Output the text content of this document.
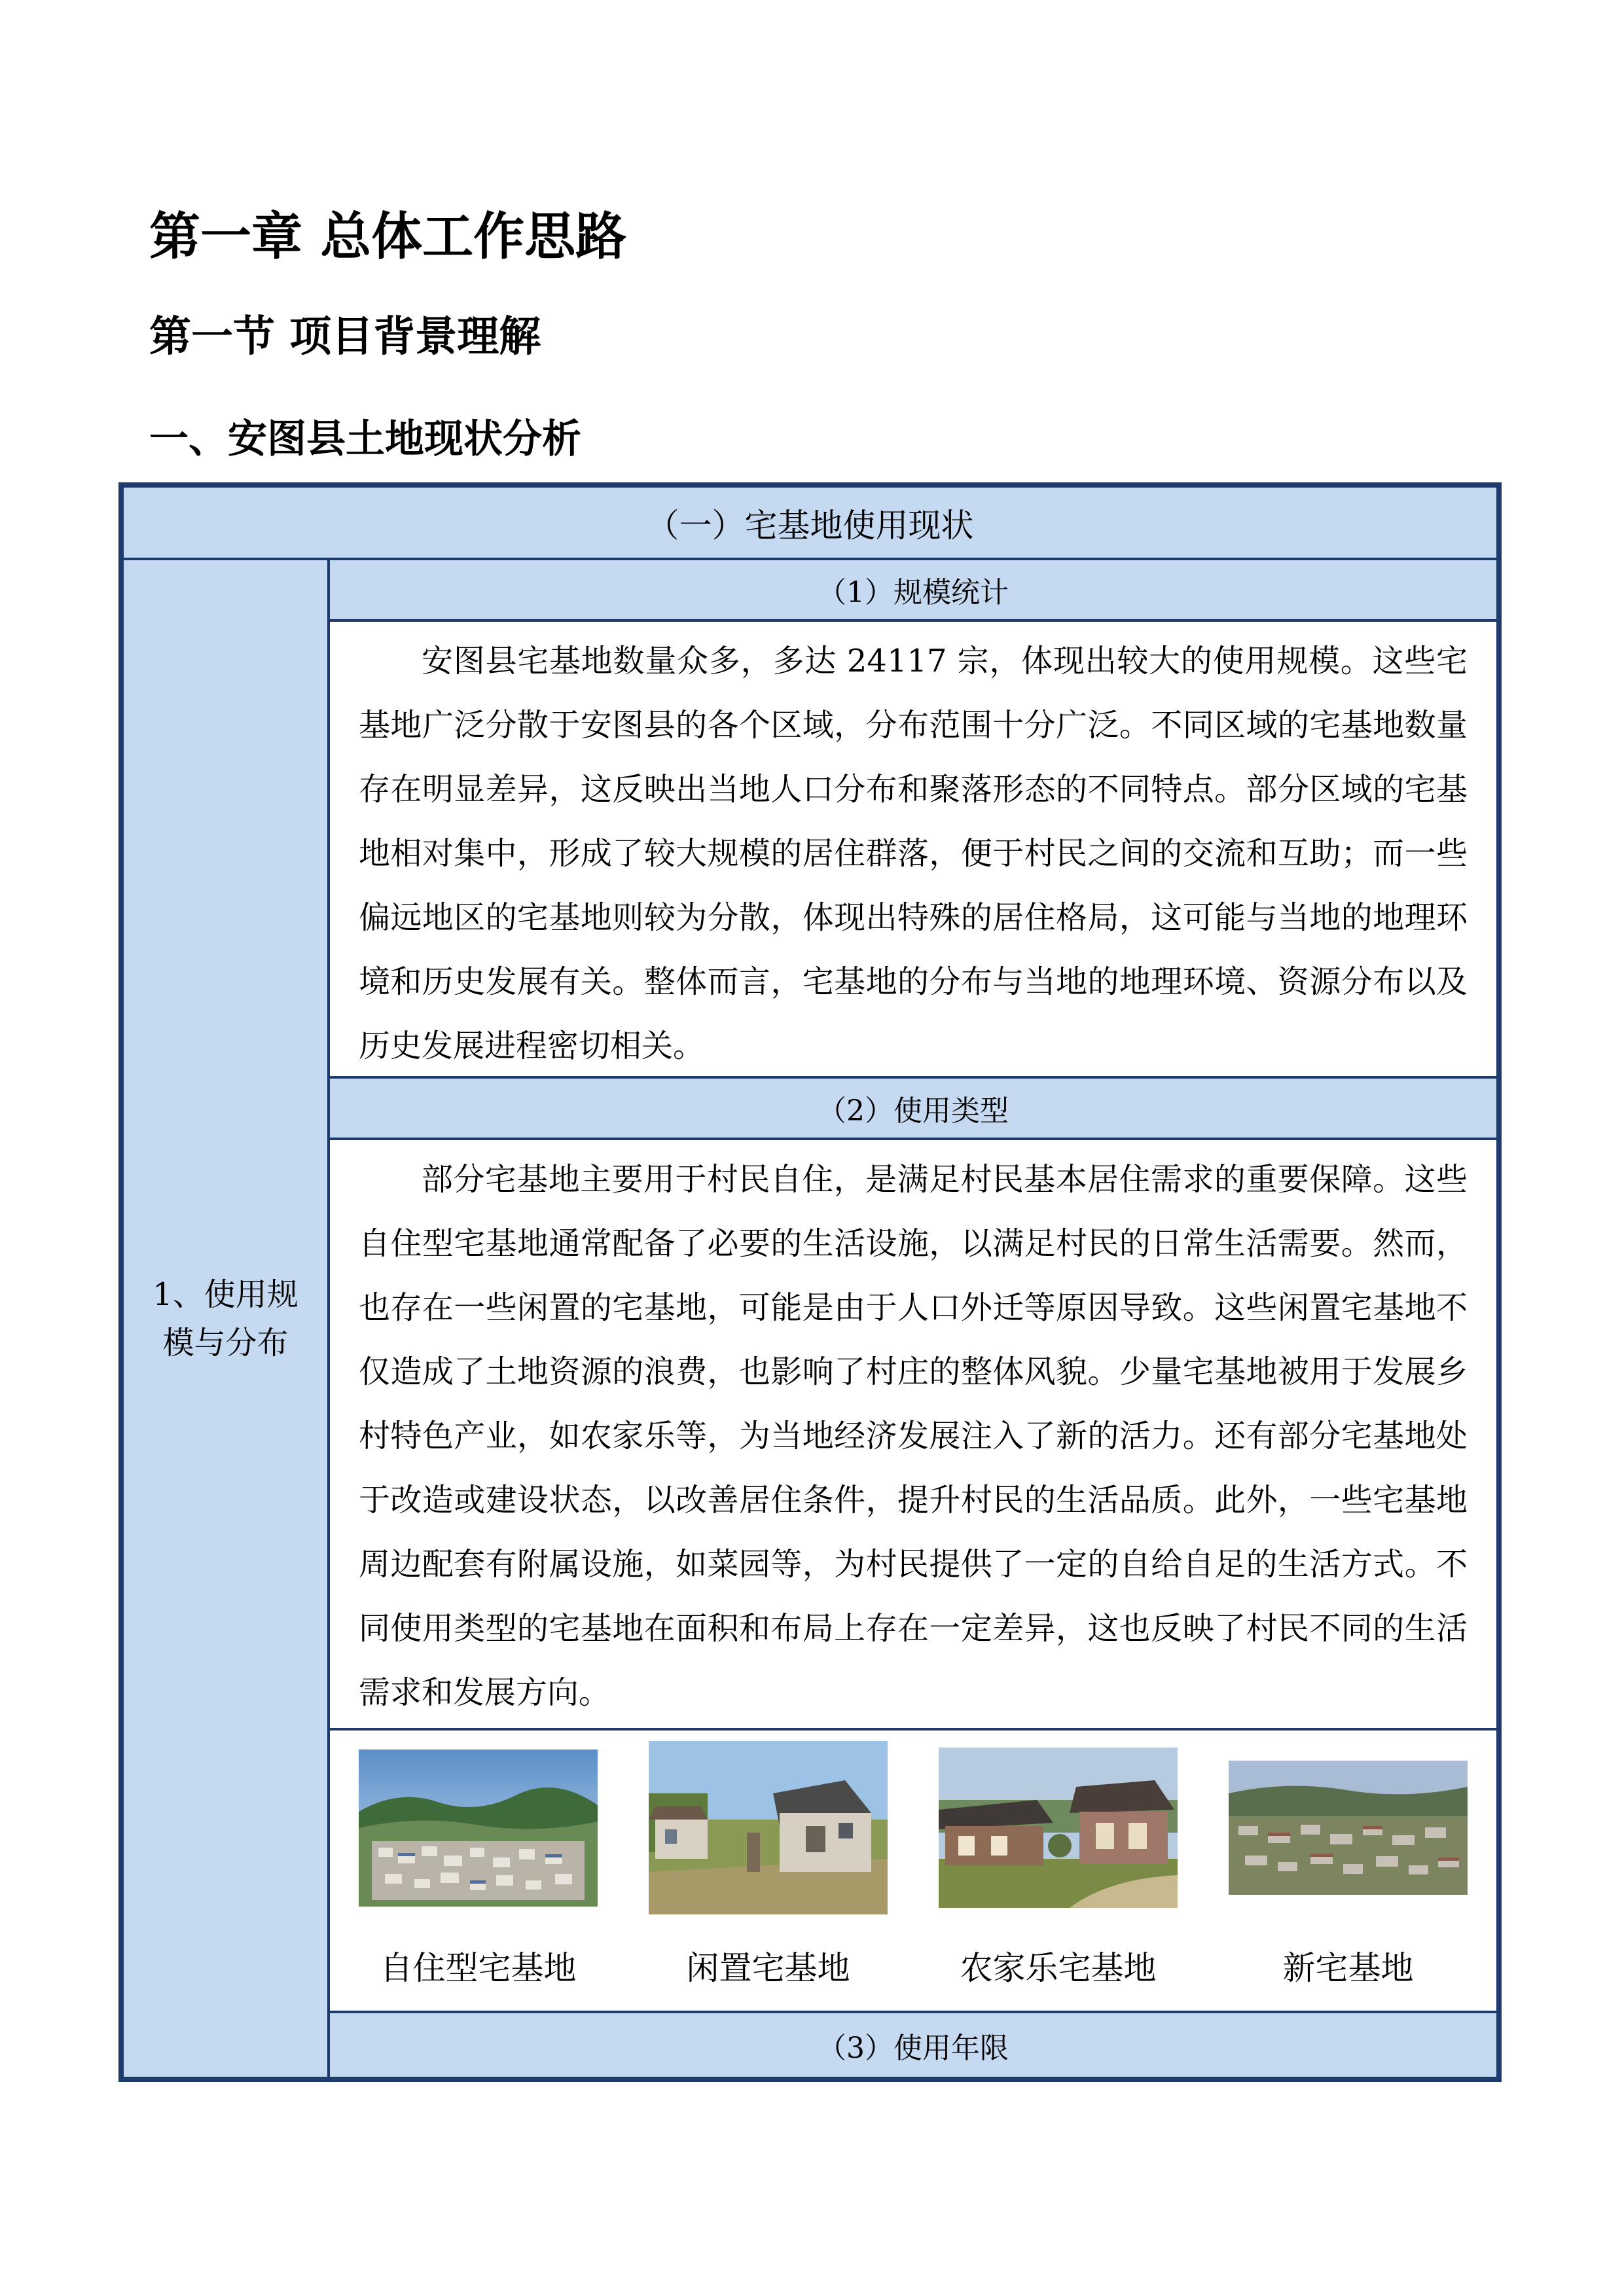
第一章 总体工作思路
第一节 项目背景理解
一、安图县土地现状分析
（一）宅基地使用现状
1、使用规模与分布
（1）规模统计

安图县宅基地数量众多，多达 24117 宗，体现出较大的使用规模。这些宅基地广泛分散于安图县的各个区域，分布范围十分广泛。不同区域的宅基地数量存在明显差异，这反映出当地人口分布和聚落形态的不同特点。部分区域的宅基地相对集中，形成了较大规模的居住群落，便于村民之间的交流和互助；而一些偏远地区的宅基地则较为分散，体现出特殊的居住格局，这可能与当地的地理环境和历史发展有关。整体而言，宅基地的分布与当地的地理环境、资源分布以及历史发展进程密切相关。

（2）使用类型

部分宅基地主要用于村民自住，是满足村民基本居住需求的重要保障。这些自住型宅基地通常配备了必要的生活设施，以满足村民的日常生活需要。然而，也存在一些闲置的宅基地，可能是由于人口外迁等原因导致。这些闲置宅基地不仅造成了土地资源的浪费，也影响了村庄的整体风貌。少量宅基地被用于发展乡村特色产业，如农家乐等，为当地经济发展注入了新的活力。还有部分宅基地处于改造或建设状态，以改善居住条件，提升村民的生活品质。此外，一些宅基地周边配套有附属设施，如菜园等，为村民提供了一定的自给自足的生活方式。不同使用类型的宅基地在面积和布局上存在一定差异，这也反映了村民不同的生活需求和发展方向。

自住型宅基地	闲置宅基地	农家乐宅基地	新宅基地
（3）使用年限
